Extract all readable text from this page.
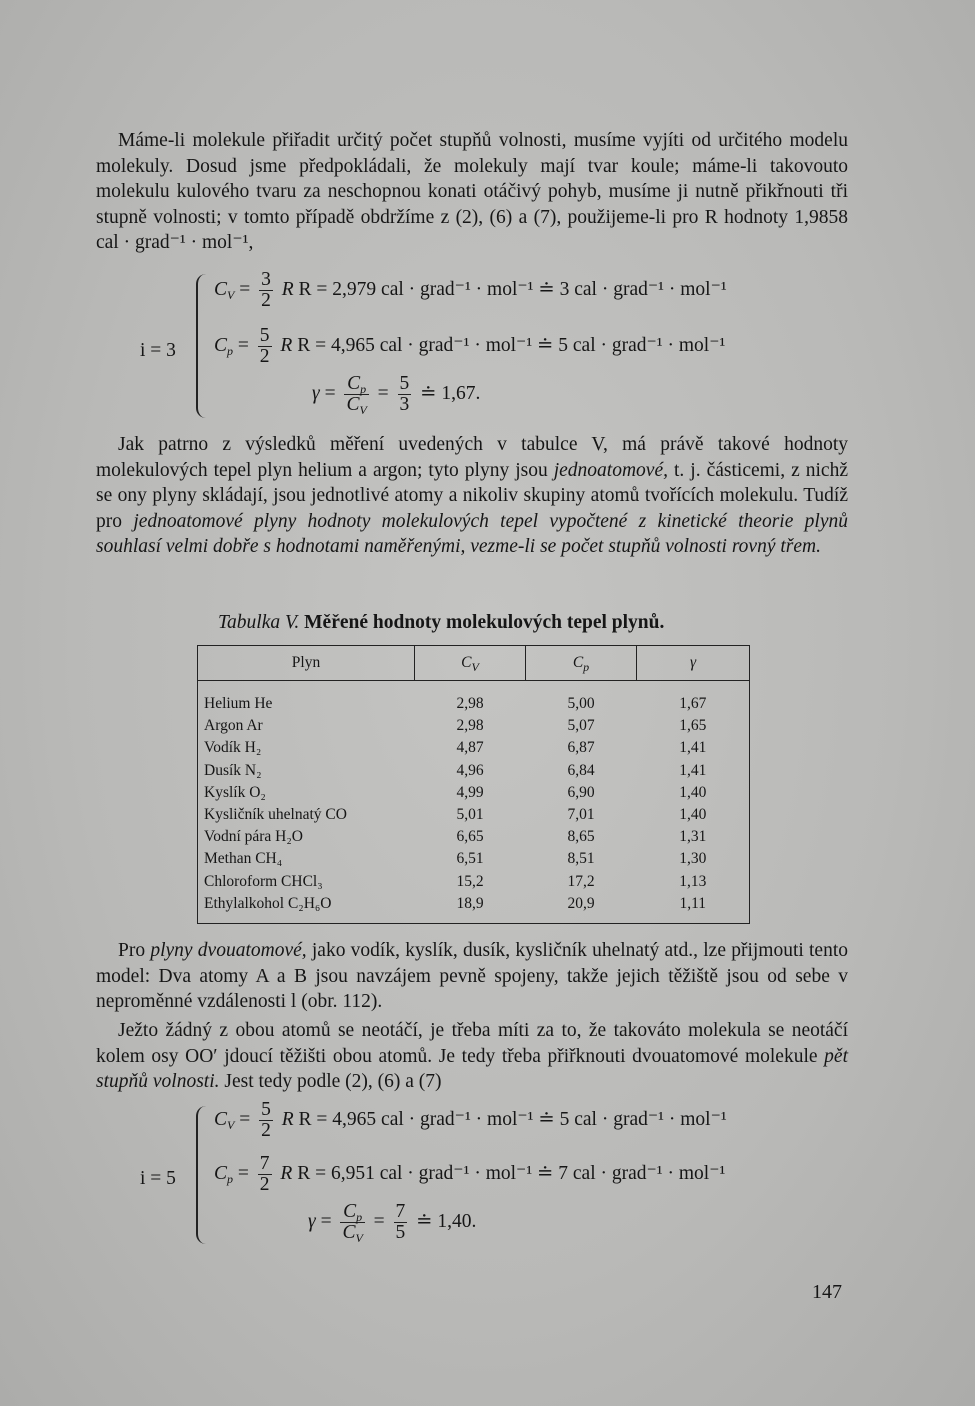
Máme-li molekule přiřadit určitý počet stupňů volnosti, musíme vyjíti od určitého modelu molekuly. Dosud jsme předpokládali, že molekuly mají tvar koule; máme-li takovouto molekulu kulového tvaru za neschopnou konati otáčivý pohyb, musíme ji nutně přikřnouti tři stupně volnosti; v tomto případě obdržíme z (2), (6) a (7), použijeme-li pro R hodnoty 1,9858 cal · grad⁻¹ · mol⁻¹,

i = 3
$C_V = \frac{3}{2}$ R R = 2,979 cal · grad⁻¹ · mol⁻¹ ≐ 3 cal · grad⁻¹ · mol⁻¹
$C_p = \frac{5}{2}$ R R = 4,965 cal · grad⁻¹ · mol⁻¹ ≐ 5 cal · grad⁻¹ · mol⁻¹
$\gamma = \frac{C_p}{C_V} = \frac{5}{3}$ ≐ 1,67.

Jak patrno z výsledků měření uvedených v tabulce V, má právě takové hodnoty molekulových tepel plyn helium a argon; tyto plyny jsou jednoatomové, t. j. částicemi, z nichž se ony plyny skládají, jsou jednotlivé atomy a nikoliv skupiny atomů tvořících molekulu. Tudíž pro jednoatomové plyny hodnoty molekulových tepel vypočtené z kinetické theorie plynů souhlasí velmi dobře s hodnotami naměřenými, vezme-li se počet stupňů volnosti rovný třem.

Tabulka V. Měřené hodnoty molekulových tepel plynů.
Plyn	$C_V$	$C_p$	γ
Helium He	2,98	5,00	1,67
Argon Ar	2,98	5,07	1,65
Vodík H₂	4,87	6,87	1,41
Dusík N₂	4,96	6,84	1,41
Kyslík O₂	4,99	6,90	1,40
Kysličník uhelnatý CO	5,01	7,01	1,40
Vodní pára H₂O	6,65	8,65	1,31
Methan CH₄	6,51	8,51	1,30
Chloroform CHCl₃	15,2	17,2	1,13
Ethylalkohol C₂H₆O	18,9	20,9	1,11

Pro plyny dvouatomové, jako vodík, kyslík, dusík, kysličník uhelnatý atd., lze přijmouti tento model: Dva atomy A a B jsou navzájem pevně spojeny, takže jejich těžiště jsou od sebe v neproměnné vzdálenosti l (obr. 112).

Ježto žádný z obou atomů se neotáčí, je třeba míti za to, že takováto molekula se neotáčí kolem osy OO′ jdoucí těžišti obou atomů. Je tedy třeba přiřknouti dvouatomové molekule pět stupňů volnosti. Jest tedy podle (2), (6) a (7)

i = 5
$C_V = \frac{5}{2}$ R R = 4,965 cal · grad⁻¹ · mol⁻¹ ≐ 5 cal · grad⁻¹ · mol⁻¹
$C_p = \frac{7}{2}$ R R = 6,951 cal · grad⁻¹ · mol⁻¹ ≐ 7 cal · grad⁻¹ · mol⁻¹
$\gamma = \frac{C_p}{C_V} = \frac{7}{5}$ ≐ 1,40.
147
